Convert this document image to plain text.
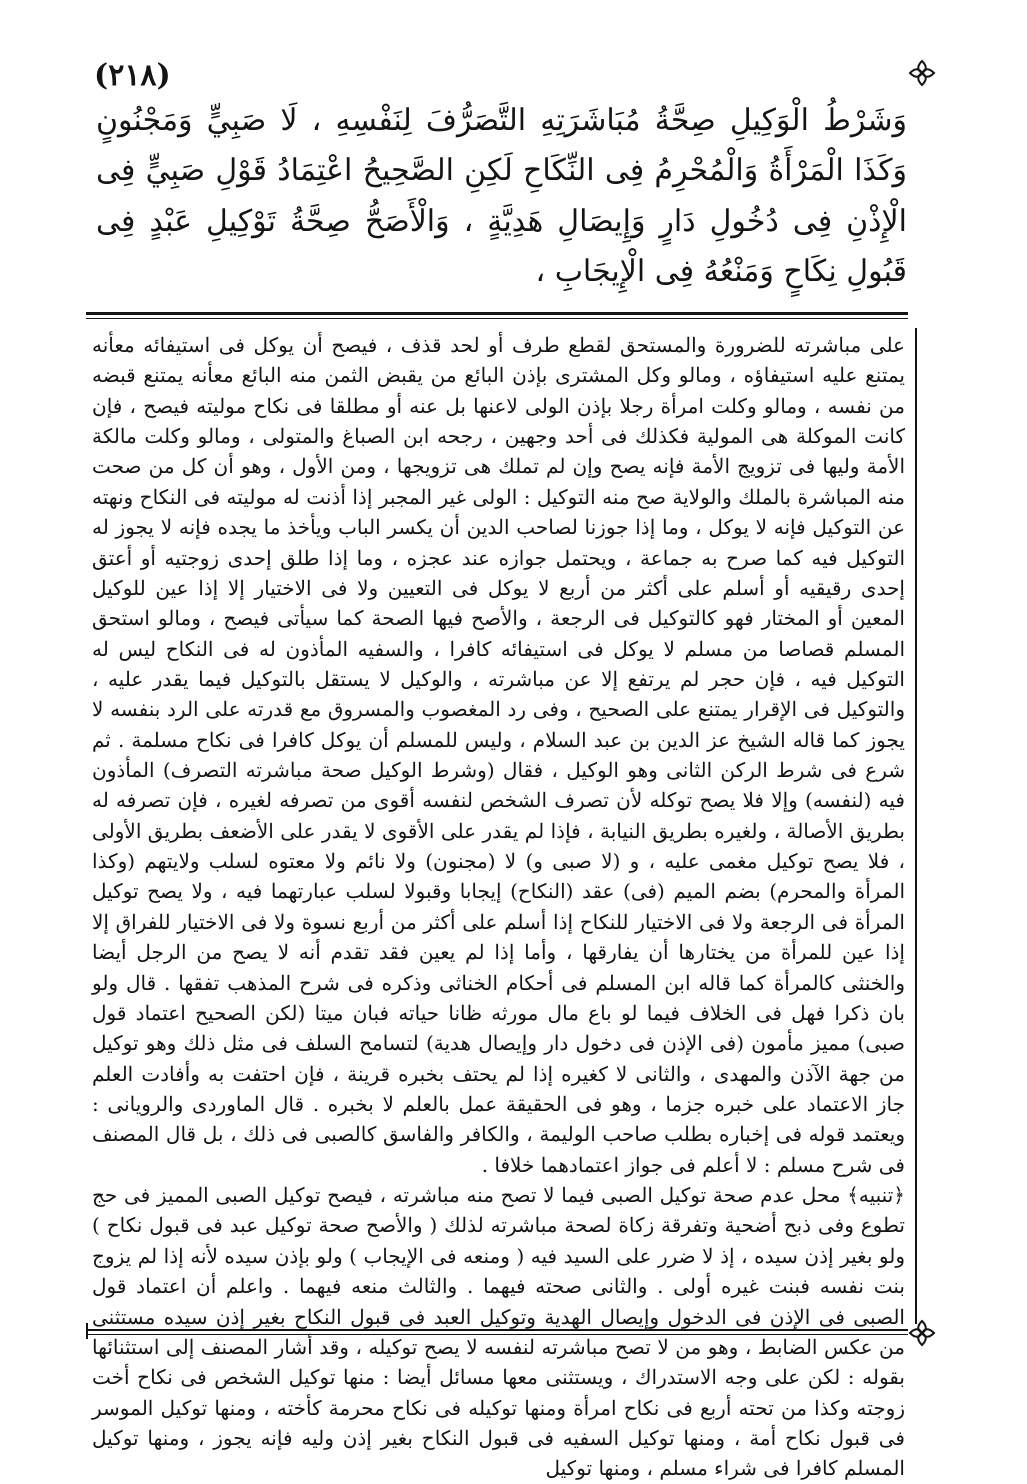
(٢١٨)
وَشَرْطُ الْوَكِيلِ صِحَّةُ مُبَاشَرَتِهِ التَّصَرُّفَ لِنَفْسِهِ ، لَا صَبِيٍّ وَمَجْنُونٍ وَكَذَا الْمَرْأَةُ وَالْمُحْرِمُ فِى النِّكَاحِ لَكِنِ الصَّحِيحُ اعْتِمَادُ قَوْلِ صَبِيٍّ فِى الْإِذْنِ فِى دُخُولِ دَارٍ وَإِيصَالِ هَدِيَّةٍ ، وَالْأَصَحُّ صِحَّةُ تَوْكِيلِ عَبْدٍ فِى قَبُولِ نِكَاحٍ وَمَنْعُهُ فِى الْإِيجَابِ ،

على مباشرته للضرورة والمستحق لقطع طرف أو لحد قذف ، فيصح أن يوكل فى استيفائه معأنه يمتنع عليه استيفاؤه ، ومالو وكل المشترى بإذن البائع من يقبض الثمن منه البائع معأنه يمتنع قبضه من نفسه ، ومالو وكلت امرأة رجلا بإذن الولى لاعنها بل عنه أو مطلقا فى نكاح موليته فيصح ، فإن كانت الموكلة هى المولية فكذلك فى أحد وجهين ، رجحه ابن الصباغ والمتولى ، ومالو وكلت مالكة الأمة وليها فى تزويج الأمة فإنه يصح وإن لم تملك هى تزويجها ، ومن الأول ، وهو أن كل من صحت منه المباشرة بالملك والولاية صح منه التوكيل : الولى غير المجبر إذا أذنت له موليته فى النكاح ونهته عن التوكيل فإنه لا يوكل ، وما إذا جوزنا لصاحب الدين أن يكسر الباب ويأخذ ما يجده فإنه لا يجوز له التوكيل فيه كما صرح به جماعة ، ويحتمل جوازه عند عجزه ، وما إذا طلق إحدى زوجتيه أو أعتق إحدى رقيقيه أو أسلم على أكثر من أربع لا يوكل فى التعيين ولا فى الاختيار إلا إذا عين للوكيل المعين أو المختار فهو كالتوكيل فى الرجعة ، والأصح فيها الصحة كما سيأتى فيصح ، ومالو استحق المسلم قصاصا من مسلم لا يوكل فى استيفائه كافرا ، والسفيه المأذون له فى النكاح ليس له التوكيل فيه ، فإن حجر لم يرتفع إلا عن مباشرته ، والوكيل لا يستقل بالتوكيل فيما يقدر عليه ، والتوكيل فى الإقرار يمتنع على الصحيح ، وفى رد المغصوب والمسروق مع قدرته على الرد بنفسه لا يجوز كما قاله الشيخ عز الدين بن عبد السلام ، وليس للمسلم أن يوكل كافرا فى نكاح مسلمة . ثم شرع فى شرط الركن الثانى وهو الوكيل ، فقال (وشرط الوكيل صحة مباشرته التصرف) المأذون فيه (لنفسه) وإلا فلا يصح توكله لأن تصرف الشخص لنفسه أقوى من تصرفه لغيره ، فإن تصرفه له بطريق الأصالة ، ولغيره بطريق النيابة ، فإذا لم يقدر على الأقوى لا يقدر على الأضعف بطريق الأولى ، فلا يصح توكيل مغمى عليه ، و (لا صبى و) لا (مجنون) ولا نائم ولا معتوه لسلب ولايتهم (وكذا المرأة والمحرم) بضم الميم (فى) عقد (النكاح) إيجابا وقبولا لسلب عبارتهما فيه ، ولا يصح توكيل المرأة فى الرجعة ولا فى الاختيار للنكاح إذا أسلم على أكثر من أربع نسوة ولا فى الاختيار للفراق إلا إذا عين للمرأة من يختارها أن يفارقها ، وأما إذا لم يعين فقد تقدم أنه لا يصح من الرجل أيضا والخنثى كالمرأة كما قاله ابن المسلم فى أحكام الخناثى وذكره فى شرح المذهب تفقها . قال ولو بان ذكرا فهل فى الخلاف فيما لو باع مال مورثه ظانا حياته فبان ميتا (لكن الصحيح اعتماد قول صبى) مميز مأمون (فى الإذن فى دخول دار وإيصال هدية) لتسامح السلف فى مثل ذلك وهو توكيل من جهة الآذن والمهدى ، والثانى لا كغيره إذا لم يحتف بخبره قرينة ، فإن احتفت به وأفادت العلم جاز الاعتماد على خبره جزما ، وهو فى الحقيقة عمل بالعلم لا بخبره . قال الماوردى والرويانى : ويعتمد قوله فى إخباره بطلب صاحب الوليمة ، والكافر والفاسق كالصبى فى ذلك ، بل قال المصنف فى شرح مسلم : لا أعلم فى جواز اعتمادهما خلافا .

﴿تنبيه﴾ محل عدم صحة توكيل الصبى فيما لا تصح منه مباشرته ، فيصح توكيل الصبى المميز فى حج تطوع وفى ذبح أضحية وتفرقة زكاة لصحة مباشرته لذلك ( والأصح صحة توكيل عبد فى قبول نكاح ) ولو بغير إذن سيده ، إذ لا ضرر على السيد فيه ( ومنعه فى الإيجاب ) ولو بإذن سيده لأنه إذا لم يزوج بنت نفسه فبنت غيره أولى . والثانى صحته فيهما . والثالث منعه فيهما . واعلم أن اعتماد قول الصبى فى الإذن فى الدخول وإيصال الهدية وتوكيل العبد فى قبول النكاح بغير إذن سيده مستثنى من عكس الضابط ، وهو من لا تصح مباشرته لنفسه لا يصح توكيله ، وقد أشار المصنف إلى استثنائها بقوله : لكن على وجه الاستدراك ، ويستثنى معها مسائل أيضا : منها توكيل الشخص فى نكاح أخت زوجته وكذا من تحته أربع فى نكاح امرأة ومنها توكيله فى نكاح محرمة كأخته ، ومنها توكيل الموسر فى قبول نكاح أمة ، ومنها توكيل السفيه فى قبول النكاح بغير إذن وليه فإنه يجوز ، ومنها توكيل المسلم كافرا فى شراء مسلم ، ومنها توكيل
